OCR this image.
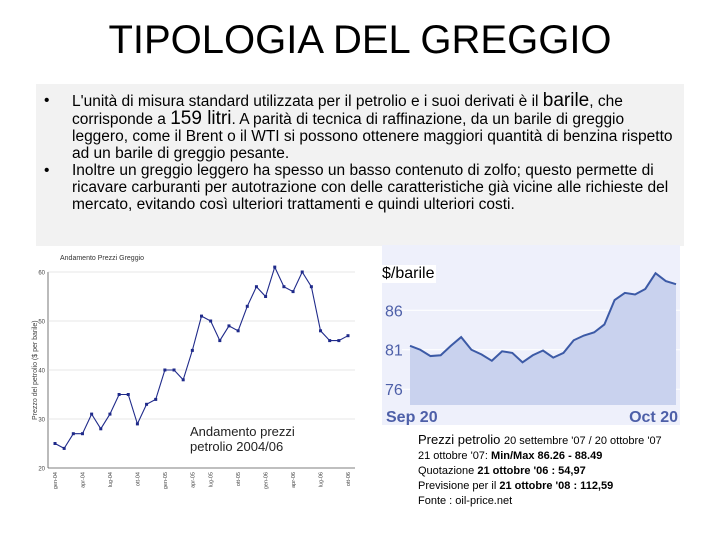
TIPOLOGIA DEL GREGGIO
• L'unità di misura standard utilizzata per il petrolio e i suoi derivati è il barile, che corrisponde a 159 litri. A parità di tecnica di raffinazione, da un barile di greggio leggero, come il Brent o il WTI si possono ottenere maggiori quantità di benzina rispetto ad un barile di greggio pesante.
• Inoltre un greggio leggero ha spesso un basso contenuto di zolfo; questo permette di ricavare carburanti per autotrazione con delle caratteristiche già vicine alle richieste del mercato, evitando così ulteriori trattamenti e quindi ulteriori costi.
Andamento Prezzi Greggio
Prezzo del petrolio ($ per barile)
20
30
40
50
60
gen-04	apr-04	lug-04	ott-04	gen-05	apr-05 lug-05	ott-05	gen-06	apr-06	lug-06	ott-06
76
81
86
Sep 20	Oct 20
$/barile
Andamento prezzi petrolio 2004/06	Prezzi petrolio 20 settembre '07 / 20 ottobre '07
21 ottobre '07: Min/Max 86.26 - 88.49
Quotazione 21 ottobre '06 : 54,97
Previsione per il 21 ottobre '08 : 112,59
Fonte : oil-price.net
